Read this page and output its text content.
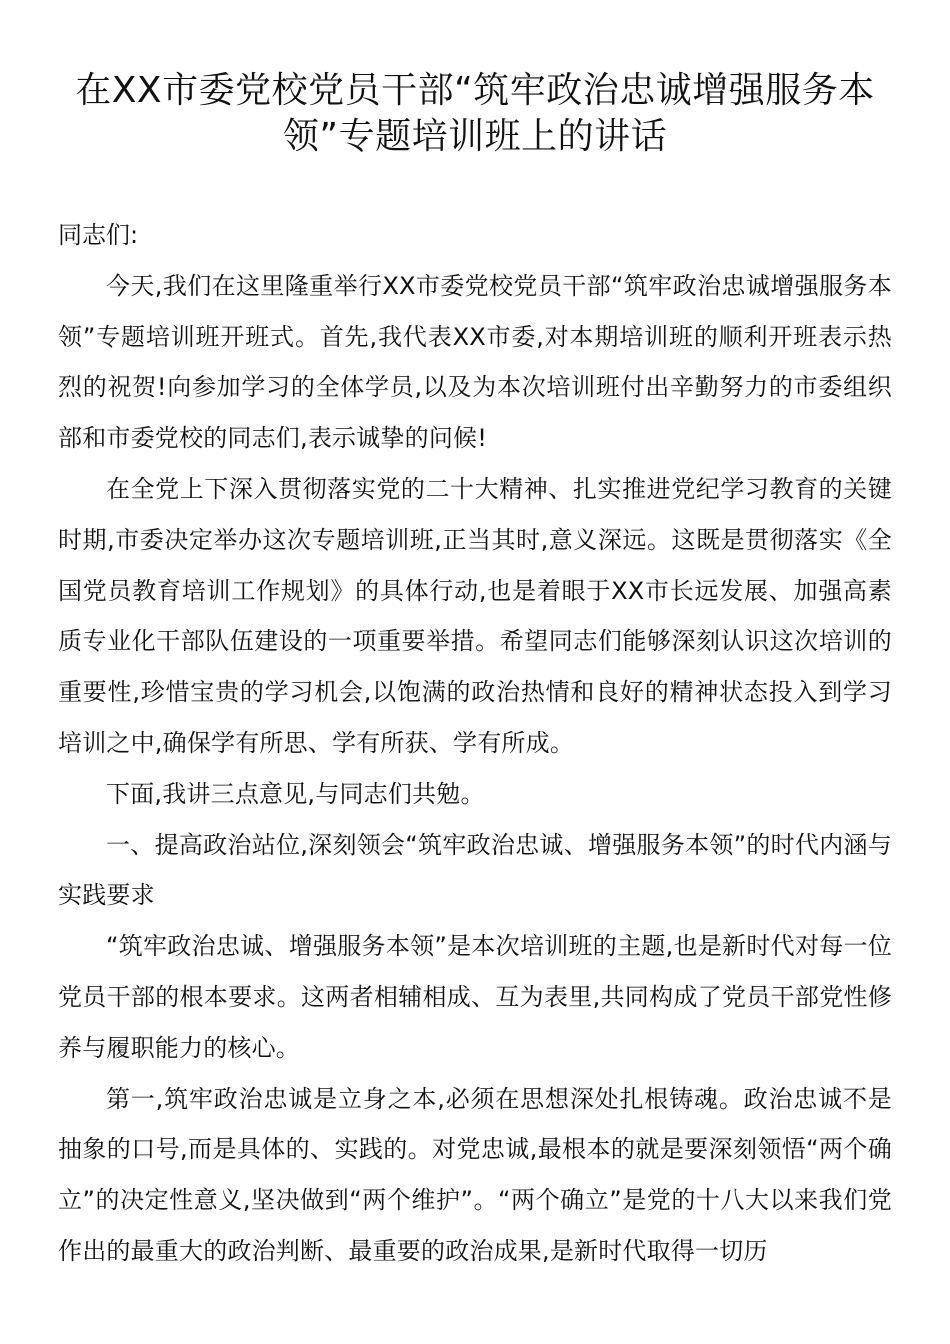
在XX市委党校党员干部“筑牢政治忠诚增强服务本领”专题培训班上的讲话

同志们:

今天,我们在这里隆重举行XX市委党校党员干部“筑牢政治忠诚增强服务本领”专题培训班开班式。首先,我代表XX市委,对本期培训班的顺利开班表示热烈的祝贺!向参加学习的全体学员,以及为本次培训班付出辛勤努力的市委组织部和市委党校的同志们,表示诚挚的问候!

在全党上下深入贯彻落实党的二十大精神、扎实推进党纪学习教育的关键时期,市委决定举办这次专题培训班,正当其时,意义深远。这既是贯彻落实《全国党员教育培训工作规划》的具体行动,也是着眼于XX市长远发展、加强高素质专业化干部队伍建设的一项重要举措。希望同志们能够深刻认识这次培训的重要性,珍惜宝贵的学习机会,以饱满的政治热情和良好的精神状态投入到学习培训之中,确保学有所思、学有所获、学有所成。

下面,我讲三点意见,与同志们共勉。

一、提高政治站位,深刻领会“筑牢政治忠诚、增强服务本领”的时代内涵与实践要求

“筑牢政治忠诚、增强服务本领”是本次培训班的主题,也是新时代对每一位党员干部的根本要求。这两者相辅相成、互为表里,共同构成了党员干部党性修养与履职能力的核心。

第一,筑牢政治忠诚是立身之本,必须在思想深处扎根铸魂。政治忠诚不是抽象的口号,而是具体的、实践的。对党忠诚,最根本的就是要深刻领悟“两个确立”的决定性意义,坚决做到“两个维护”。“两个确立”是党的十八大以来我们党作出的最重大的政治判断、最重要的政治成果,是新时代取得一切历
